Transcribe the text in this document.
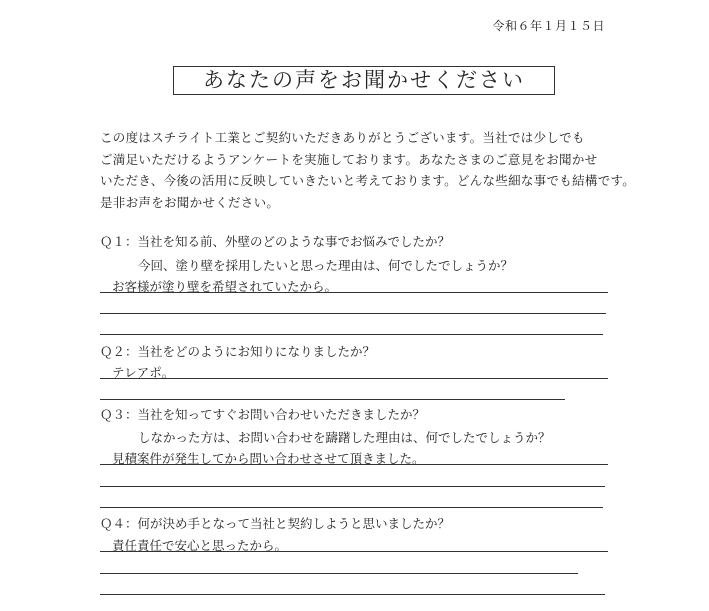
令和６年１月１５日
あなたの声をお聞かせください
この度はスチライト工業とご契約いただきありがとうございます。当社では少しでも
ご満足いただけるようアンケートを実施しております。あなたさまのご意見をお聞かせ
いただき、今後の活用に反映していきたいと考えております。どんな些細な事でも結構です。
是非お声をお聞かせください。
Ｑ１：当社を知る前、外壁のどのような事でお悩みでしたか？
今回、塗り壁を採用したいと思った理由は、何でしたでしょうか？
お客様が塗り壁を希望されていたから。
Ｑ２：当社をどのようにお知りになりましたか？
テレアポ。
Ｑ３：当社を知ってすぐお問い合わせいただきましたか？
しなかった方は、お問い合わせを躊躇した理由は、何でしたでしょうか？
見積案件が発生してから問い合わせさせて頂きました。
Ｑ４：何が決め手となって当社と契約しようと思いましたか？
責任責任で安心と思ったから。
